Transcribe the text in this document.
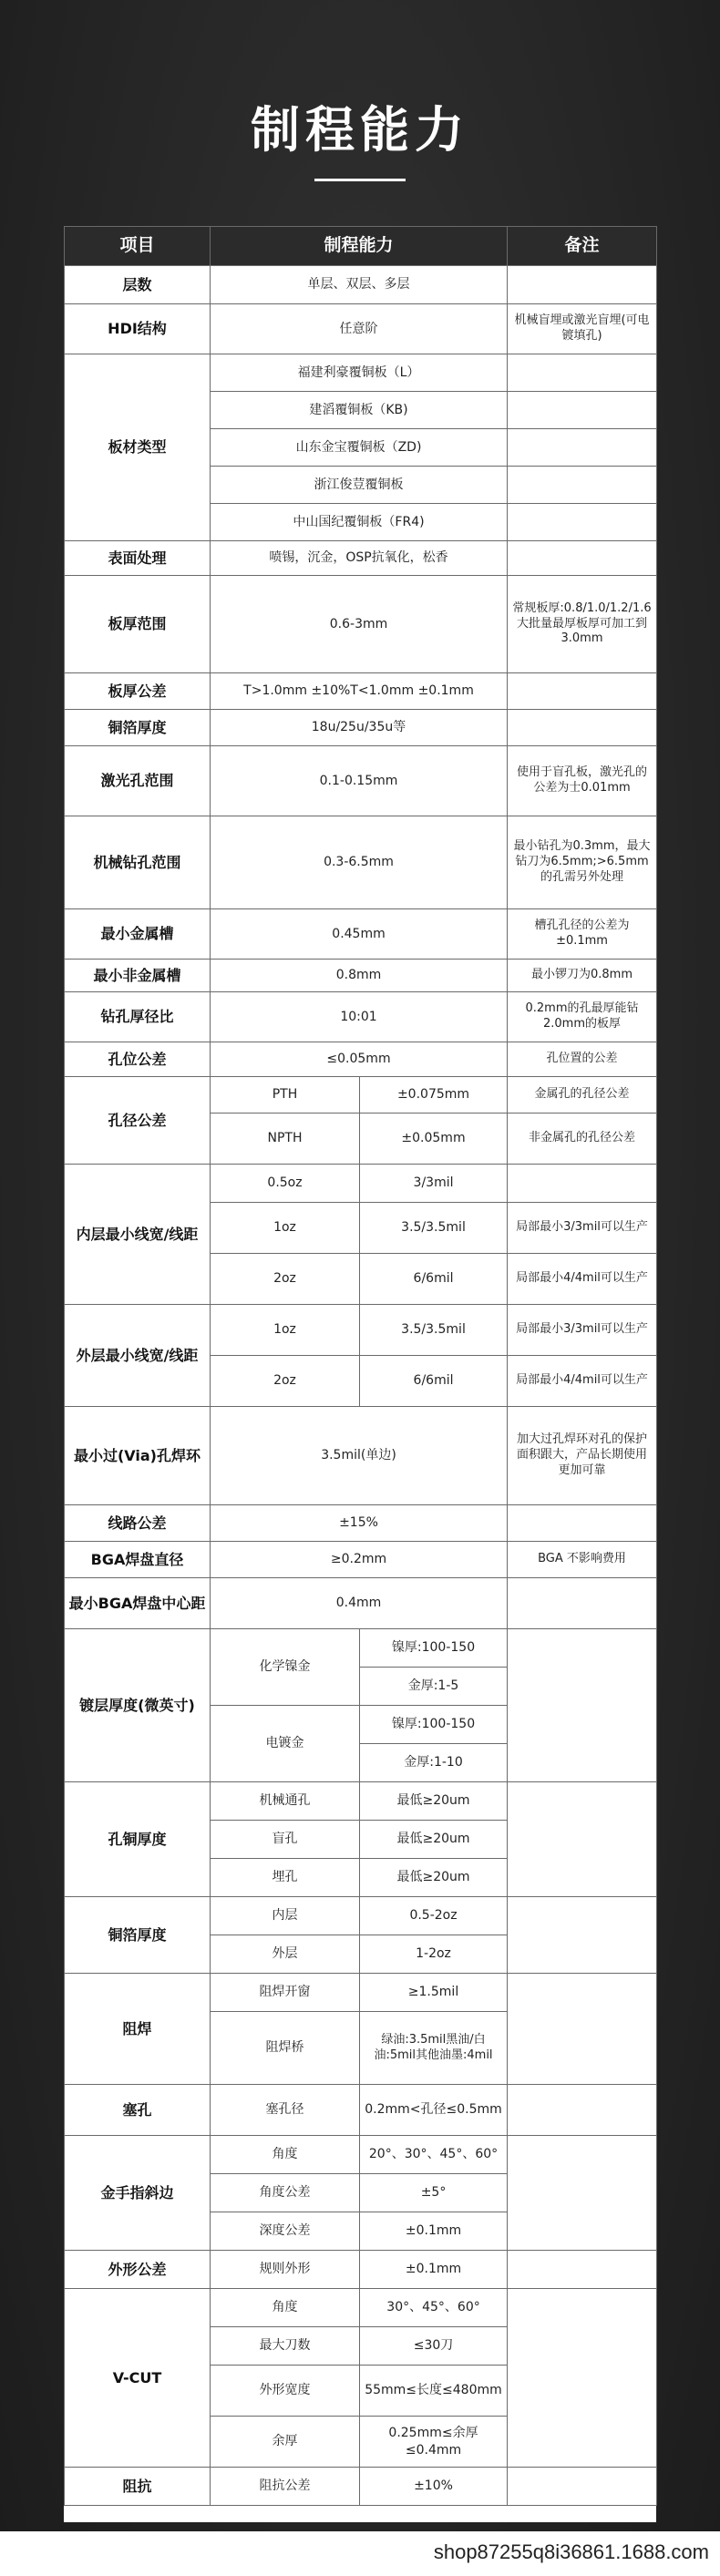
制程能力
项目	制程能力		备注
层数	单层、双层、多层		
HDI结构	任意阶		机械盲埋或激光盲埋(可电镀填孔)
板材类型	福建利豪覆铜板（L）		
	建滔覆铜板（KB)		
	山东金宝覆铜板（ZD)		
	浙江俊荳覆铜板		
	中山国纪覆铜板（FR4)		
表面处理	喷锡，沉金，OSP抗氧化，松香		
板厚范围	0.6-3mm		常规板厚:0.8/1.0/1.2/1.6大批量最厚板厚可加工到3.0mm
板厚公差	T>1.0mm ±10%T<1.0mm ±0.1mm		
铜箔厚度	18u/25u/35u等		
激光孔范围	0.1-0.15mm		使用于盲孔板，激光孔的公差为士0.01mm
机械钻孔范围	0.3-6.5mm		最小钻孔为0.3mm，最大钻刀为6.5mm;>6.5mm的孔需另外处理
最小金属槽	0.45mm		槽孔孔径的公差为±0.1mm
最小非金属槽	0.8mm		最小锣刀为0.8mm
钻孔厚径比	10:01		0.2mm的孔最厚能钻2.0mm的板厚
孔位公差	≤0.05mm		孔位置的公差
孔径公差	PTH	±0.075mm	金属孔的孔径公差
	NPTH	±0.05mm	非金属孔的孔径公差
内层最小线宽/线距	0.5oz	3/3mil	
	1oz	3.5/3.5mil	局部最小3/3mil可以生产
	2oz	6/6mil	局部最小4/4mil可以生产
外层最小线宽/线距	1oz	3.5/3.5mil	局部最小3/3mil可以生产
	2oz	6/6mil	局部最小4/4mil可以生产
最小过(Via)孔焊环	3.5mil(单边)		加大过孔焊环对孔的保护面积跟大，产品长期使用更加可靠
线路公差	±15%		
BGA焊盘直径	≥0.2mm		BGA 不影响费用
最小BGA焊盘中心距	0.4mm		
镀层厚度(微英寸)	化学镍金	镍厚:100-150	
		金厚:1-5	
	电镀金	镍厚:100-150	
		金厚:1-10	
孔铜厚度	机械通孔	最低≥20um	
	盲孔	最低≥20um	
	埋孔	最低≥20um	
铜箔厚度	内层	0.5-2oz	
	外层	1-2oz	
阻焊	阻焊开窗	≥1.5mil	
	阻焊桥	绿油:3.5mil黑油/白油:5mil其他油墨:4mil	
塞孔	塞孔径	0.2mm<孔径≤0.5mm	
金手指斜边	角度	20°、30°、45°、60°	
	角度公差	±5°	
	深度公差	±0.1mm	
外形公差	规则外形	±0.1mm	
V-CUT	角度	30°、45°、60°	
	最大刀数	≤30刀	
	外形宽度	55mm≤长度≤480mm	
	余厚	0.25mm≤余厚≤0.4mm	
阻抗	阻抗公差	±10%	
shop87255q8i36861.1688.com
